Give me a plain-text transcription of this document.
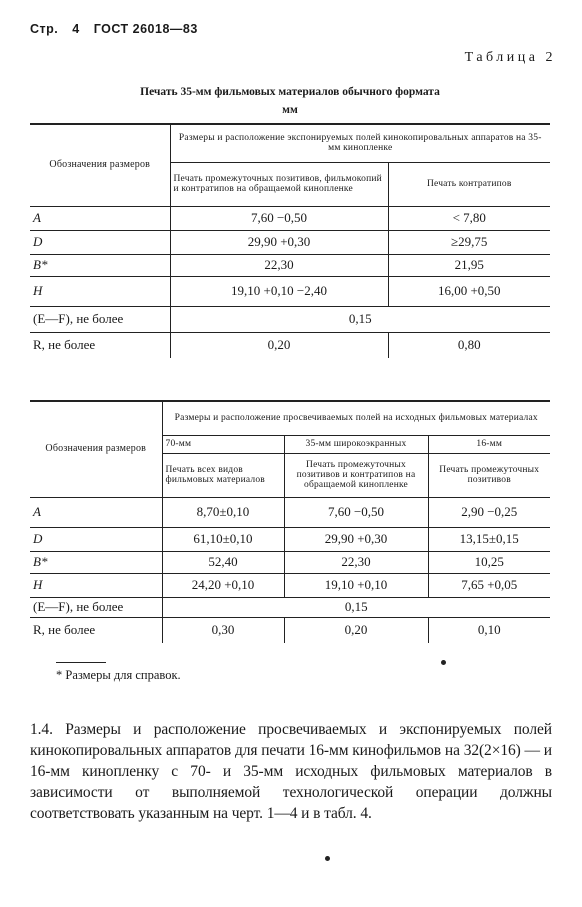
Стр. 4 ГОСТ 26018—83
Таблица 2
Печать 35-мм фильмовых материалов обычного формата
мм
Обозначения размеров	Размеры и расположение экспонируемых полей кинокопировальных аппаратов на 35-мм кинопленке	
	Печать промежуточных позитивов, фильмокопий и контратипов на обращаемой кинопленке	Печать контратипов
A	7,60 −0,50	< 7,80
D	29,90 +0,30	≥29,75
B*	22,30	21,95
H	19,10 +0,10 −2,40	16,00 +0,50
(E—F), не более	0,15	
R, не более	0,20	0,80
Обозначения размеров	Размеры и расположение просвечиваемых полей на исходных фильмовых материалах		
	70-мм	35-мм широкоэкранных	16-мм
	Печать всех видов фильмовых материалов	Печать промежуточных позитивов и контратипов на обращаемой кинопленке	Печать промежуточных позитивов
A	8,70±0,10	7,60 −0,50	2,90 −0,25
D	61,10±0,10	29,90 +0,30	13,15±0,15
B*	52,40	22,30	10,25
H	24,20 +0,10	19,10 +0,10	7,65 +0,05
(E—F), не более	0,15		
R, не более	0,30	0,20	0,10
* Размеры для справок.
1.4. Размеры и расположение просвечиваемых и экспонируемых полей кинокопировальных аппаратов для печати 16-мм кинофильмов на 32(2×16) — и 16-мм кинопленку с 70- и 35-мм исходных фильмовых материалов в зависимости от выполняемой технологической операции должны соответствовать указанным на черт. 1—4 и в табл. 4.
